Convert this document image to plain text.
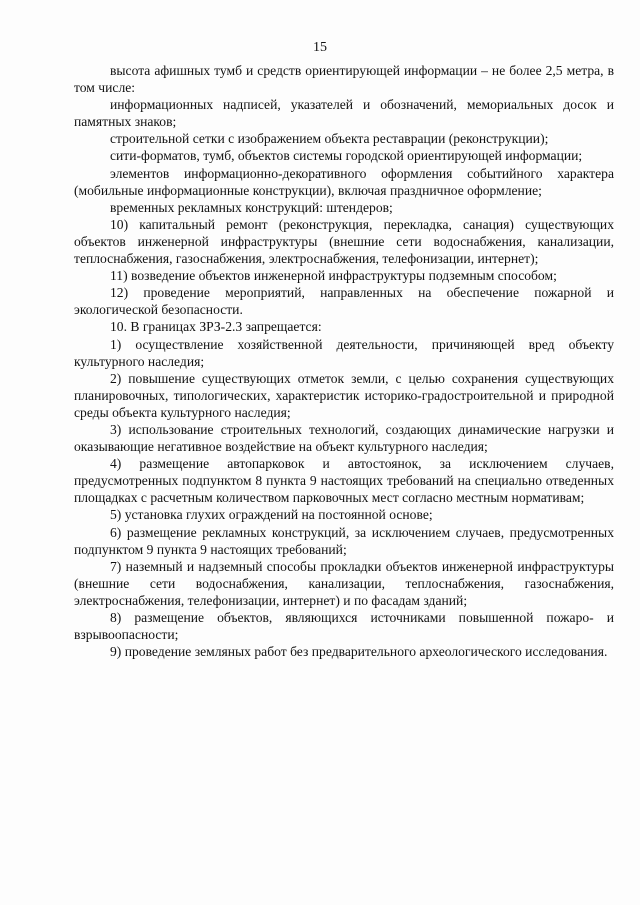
15

высота афишных тумб и средств ориентирующей информации – не более 2,5 метра, в том числе:

информационных надписей, указателей и обозначений, мемориальных досок и памятных знаков;

строительной сетки с изображением объекта реставрации (реконструкции);

сити-форматов, тумб, объектов системы городской ориентирующей информации;

элементов информационно-декоративного оформления событийного характера (мобильные информационные конструкции), включая праздничное оформление;

временных рекламных конструкций: штендеров;

10) капитальный ремонт (реконструкция, перекладка, санация) существующих объектов инженерной инфраструктуры (внешние сети водоснабжения, канализации, теплоснабжения, газоснабжения, электроснабжения, телефонизации, интернет);

11) возведение объектов инженерной инфраструктуры подземным способом;

12) проведение мероприятий, направленных на обеспечение пожарной и экологической безопасности.

10. В границах ЗРЗ-2.3 запрещается:

1) осуществление хозяйственной деятельности, причиняющей вред объекту культурного наследия;

2) повышение существующих отметок земли, с целью сохранения существующих планировочных, типологических, характеристик историко-градостроительной и природной среды объекта культурного наследия;

3) использование строительных технологий, создающих динамические нагрузки и оказывающие негативное воздействие на объект культурного наследия;

4) размещение автопарковок и автостоянок, за исключением случаев, предусмотренных подпунктом 8 пункта 9 настоящих требований на специально отведенных площадках с расчетным количеством парковочных мест согласно местным нормативам;

5) установка глухих ограждений на постоянной основе;

6) размещение рекламных конструкций, за исключением случаев, предусмотренных подпунктом 9 пункта 9 настоящих требований;

7) наземный и надземный способы прокладки объектов инженерной инфраструктуры (внешние сети водоснабжения, канализации, теплоснабжения, газоснабжения, электроснабжения, телефонизации, интернет) и по фасадам зданий;

8) размещение объектов, являющихся источниками повышенной пожаро- и взрывоопасности;

9) проведение земляных работ без предварительного археологического исследования.
